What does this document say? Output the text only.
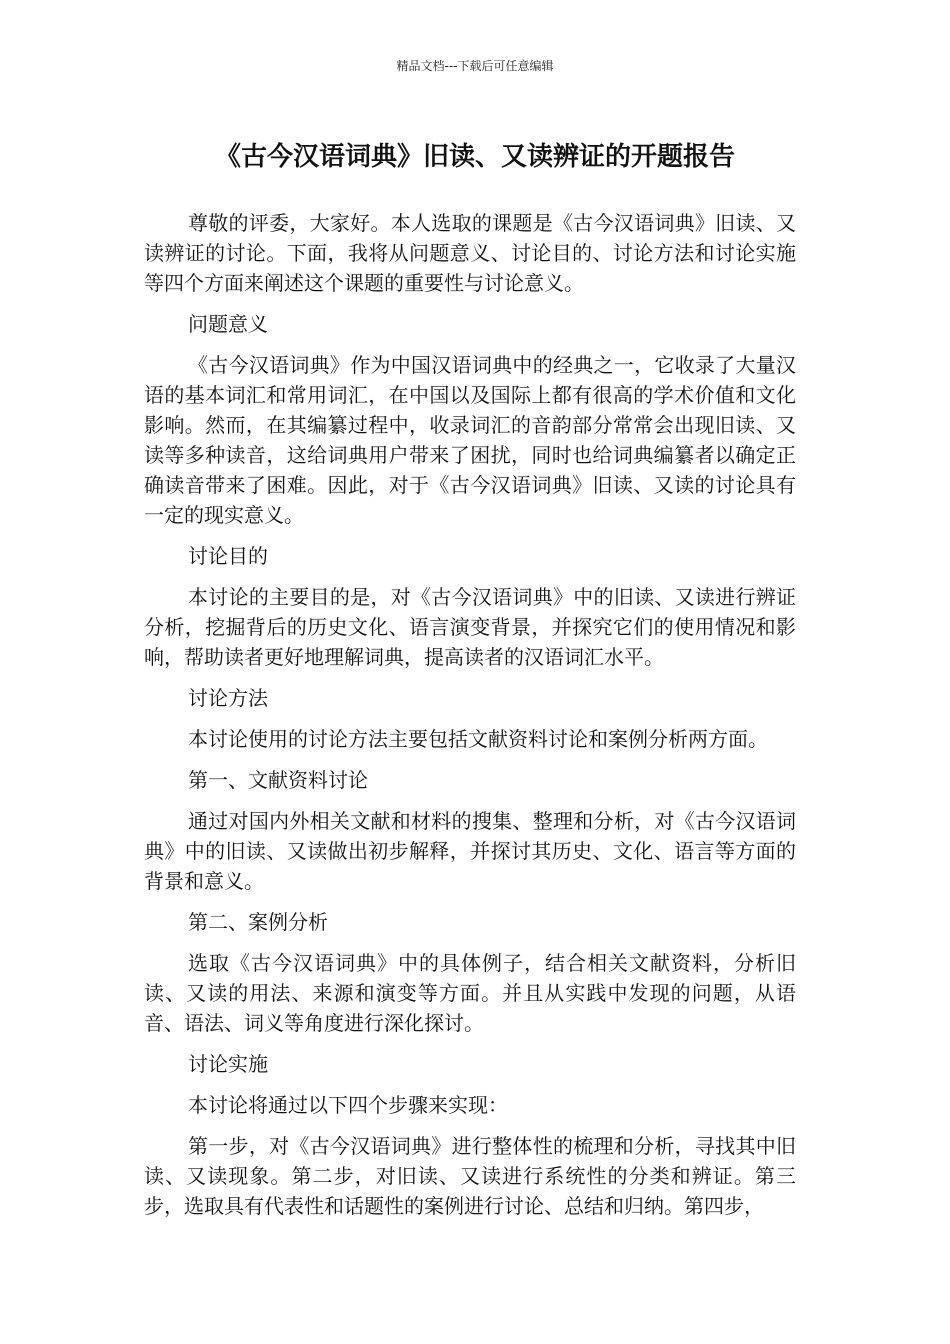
精品文档---下载后可任意编辑
《古今汉语词典》旧读、又读辨证的开题报告

尊敬的评委，大家好。本人选取的课题是《古今汉语词典》旧读、又读辨证的讨论。下面，我将从问题意义、讨论目的、讨论方法和讨论实施等四个方面来阐述这个课题的重要性与讨论意义。

问题意义

《古今汉语词典》作为中国汉语词典中的经典之一，它收录了大量汉语的基本词汇和常用词汇，在中国以及国际上都有很高的学术价值和文化影响。然而，在其编纂过程中，收录词汇的音韵部分常常会出现旧读、又读等多种读音，这给词典用户带来了困扰，同时也给词典编纂者以确定正确读音带来了困难。因此，对于《古今汉语词典》旧读、又读的讨论具有一定的现实意义。

讨论目的

本讨论的主要目的是，对《古今汉语词典》中的旧读、又读进行辨证分析，挖掘背后的历史文化、语言演变背景，并探究它们的使用情况和影响，帮助读者更好地理解词典，提高读者的汉语词汇水平。

讨论方法

本讨论使用的讨论方法主要包括文献资料讨论和案例分析两方面。

第一、文献资料讨论

通过对国内外相关文献和材料的搜集、整理和分析，对《古今汉语词典》中的旧读、又读做出初步解释，并探讨其历史、文化、语言等方面的背景和意义。

第二、案例分析

选取《古今汉语词典》中的具体例子，结合相关文献资料，分析旧读、又读的用法、来源和演变等方面。并且从实践中发现的问题，从语音、语法、词义等角度进行深化探讨。

讨论实施

本讨论将通过以下四个步骤来实现：

第一步，对《古今汉语词典》进行整体性的梳理和分析，寻找其中旧读、又读现象。第二步，对旧读、又读进行系统性的分类和辨证。第三步，选取具有代表性和话题性的案例进行讨论、总结和归纳。第四步，
